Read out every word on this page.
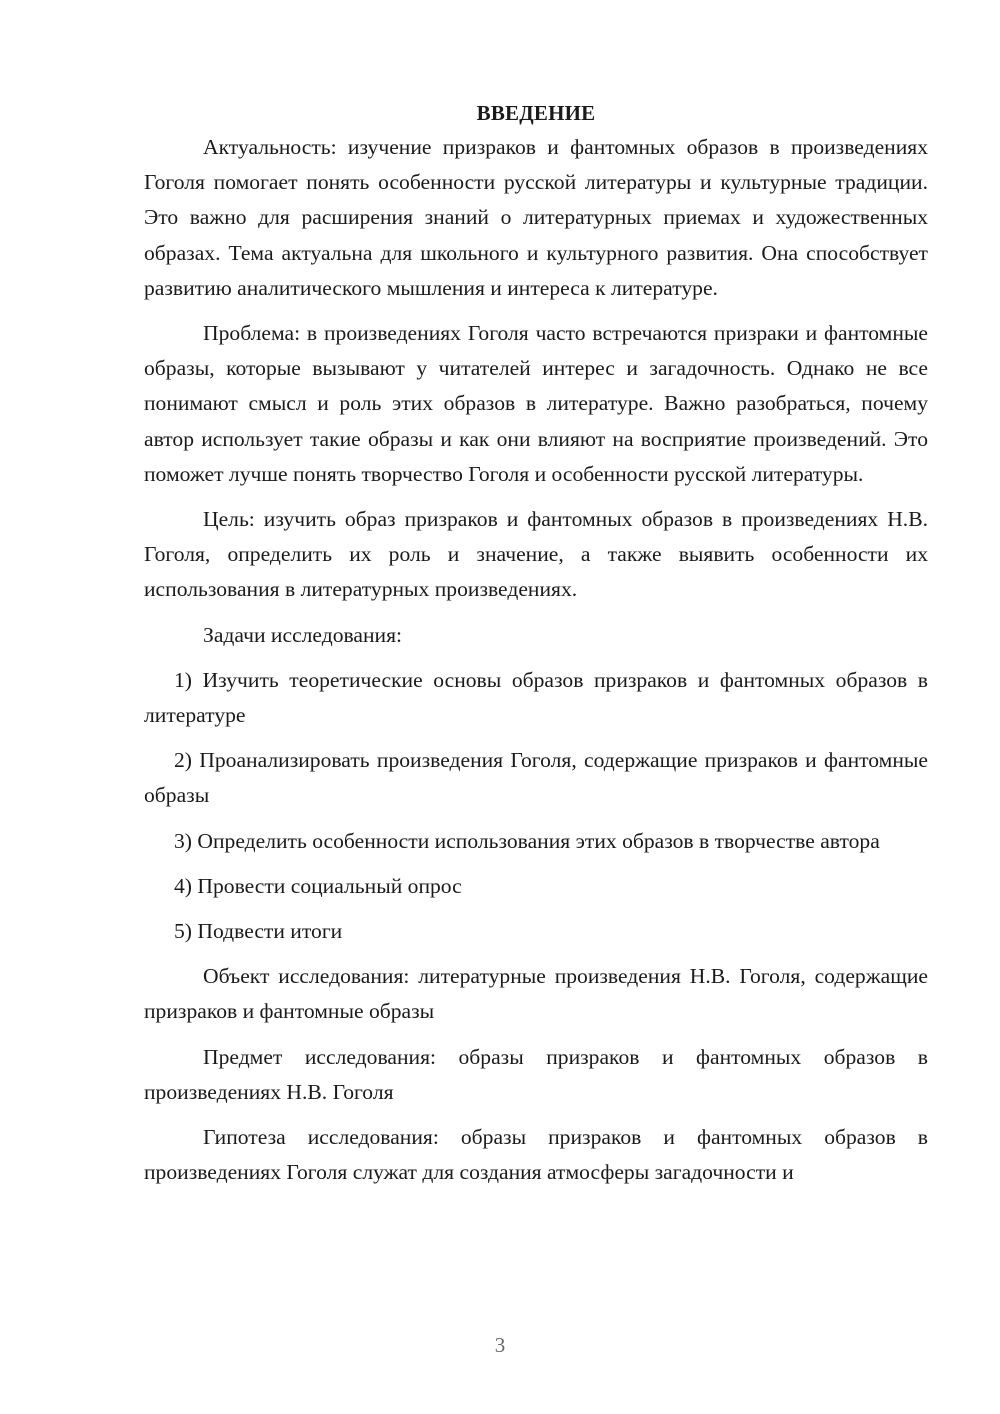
ВВЕДЕНИЕ

Актуальность: изучение призраков и фантомных образов в произведениях Гоголя помогает понять особенности русской литературы и культурные традиции. Это важно для расширения знаний о литературных приемах и художественных образах. Тема актуальна для школьного и культурного развития. Она способствует развитию аналитического мышления и интереса к литературе.

Проблема: в произведениях Гоголя часто встречаются призраки и фантомные образы, которые вызывают у читателей интерес и загадочность. Однако не все понимают смысл и роль этих образов в литературе. Важно разобраться, почему автор использует такие образы и как они влияют на восприятие произведений. Это поможет лучше понять творчество Гоголя и особенности русской литературы.

Цель: изучить образ призраков и фантомных образов в произведениях Н.В. Гоголя, определить их роль и значение, а также выявить особенности их использования в литературных произведениях.

Задачи исследования:

1) Изучить теоретические основы образов призраков и фантомных образов в литературе

2) Проанализировать произведения Гоголя, содержащие призраков и фантомные образы

3) Определить особенности использования этих образов в творчестве автора

4) Провести социальный опрос

5) Подвести итоги

Объект исследования: литературные произведения Н.В. Гоголя, содержащие призраков и фантомные образы

Предмет исследования: образы призраков и фантомных образов в произведениях Н.В. Гоголя

Гипотеза исследования: образы призраков и фантомных образов в произведениях Гоголя служат для создания атмосферы загадочности и

3
